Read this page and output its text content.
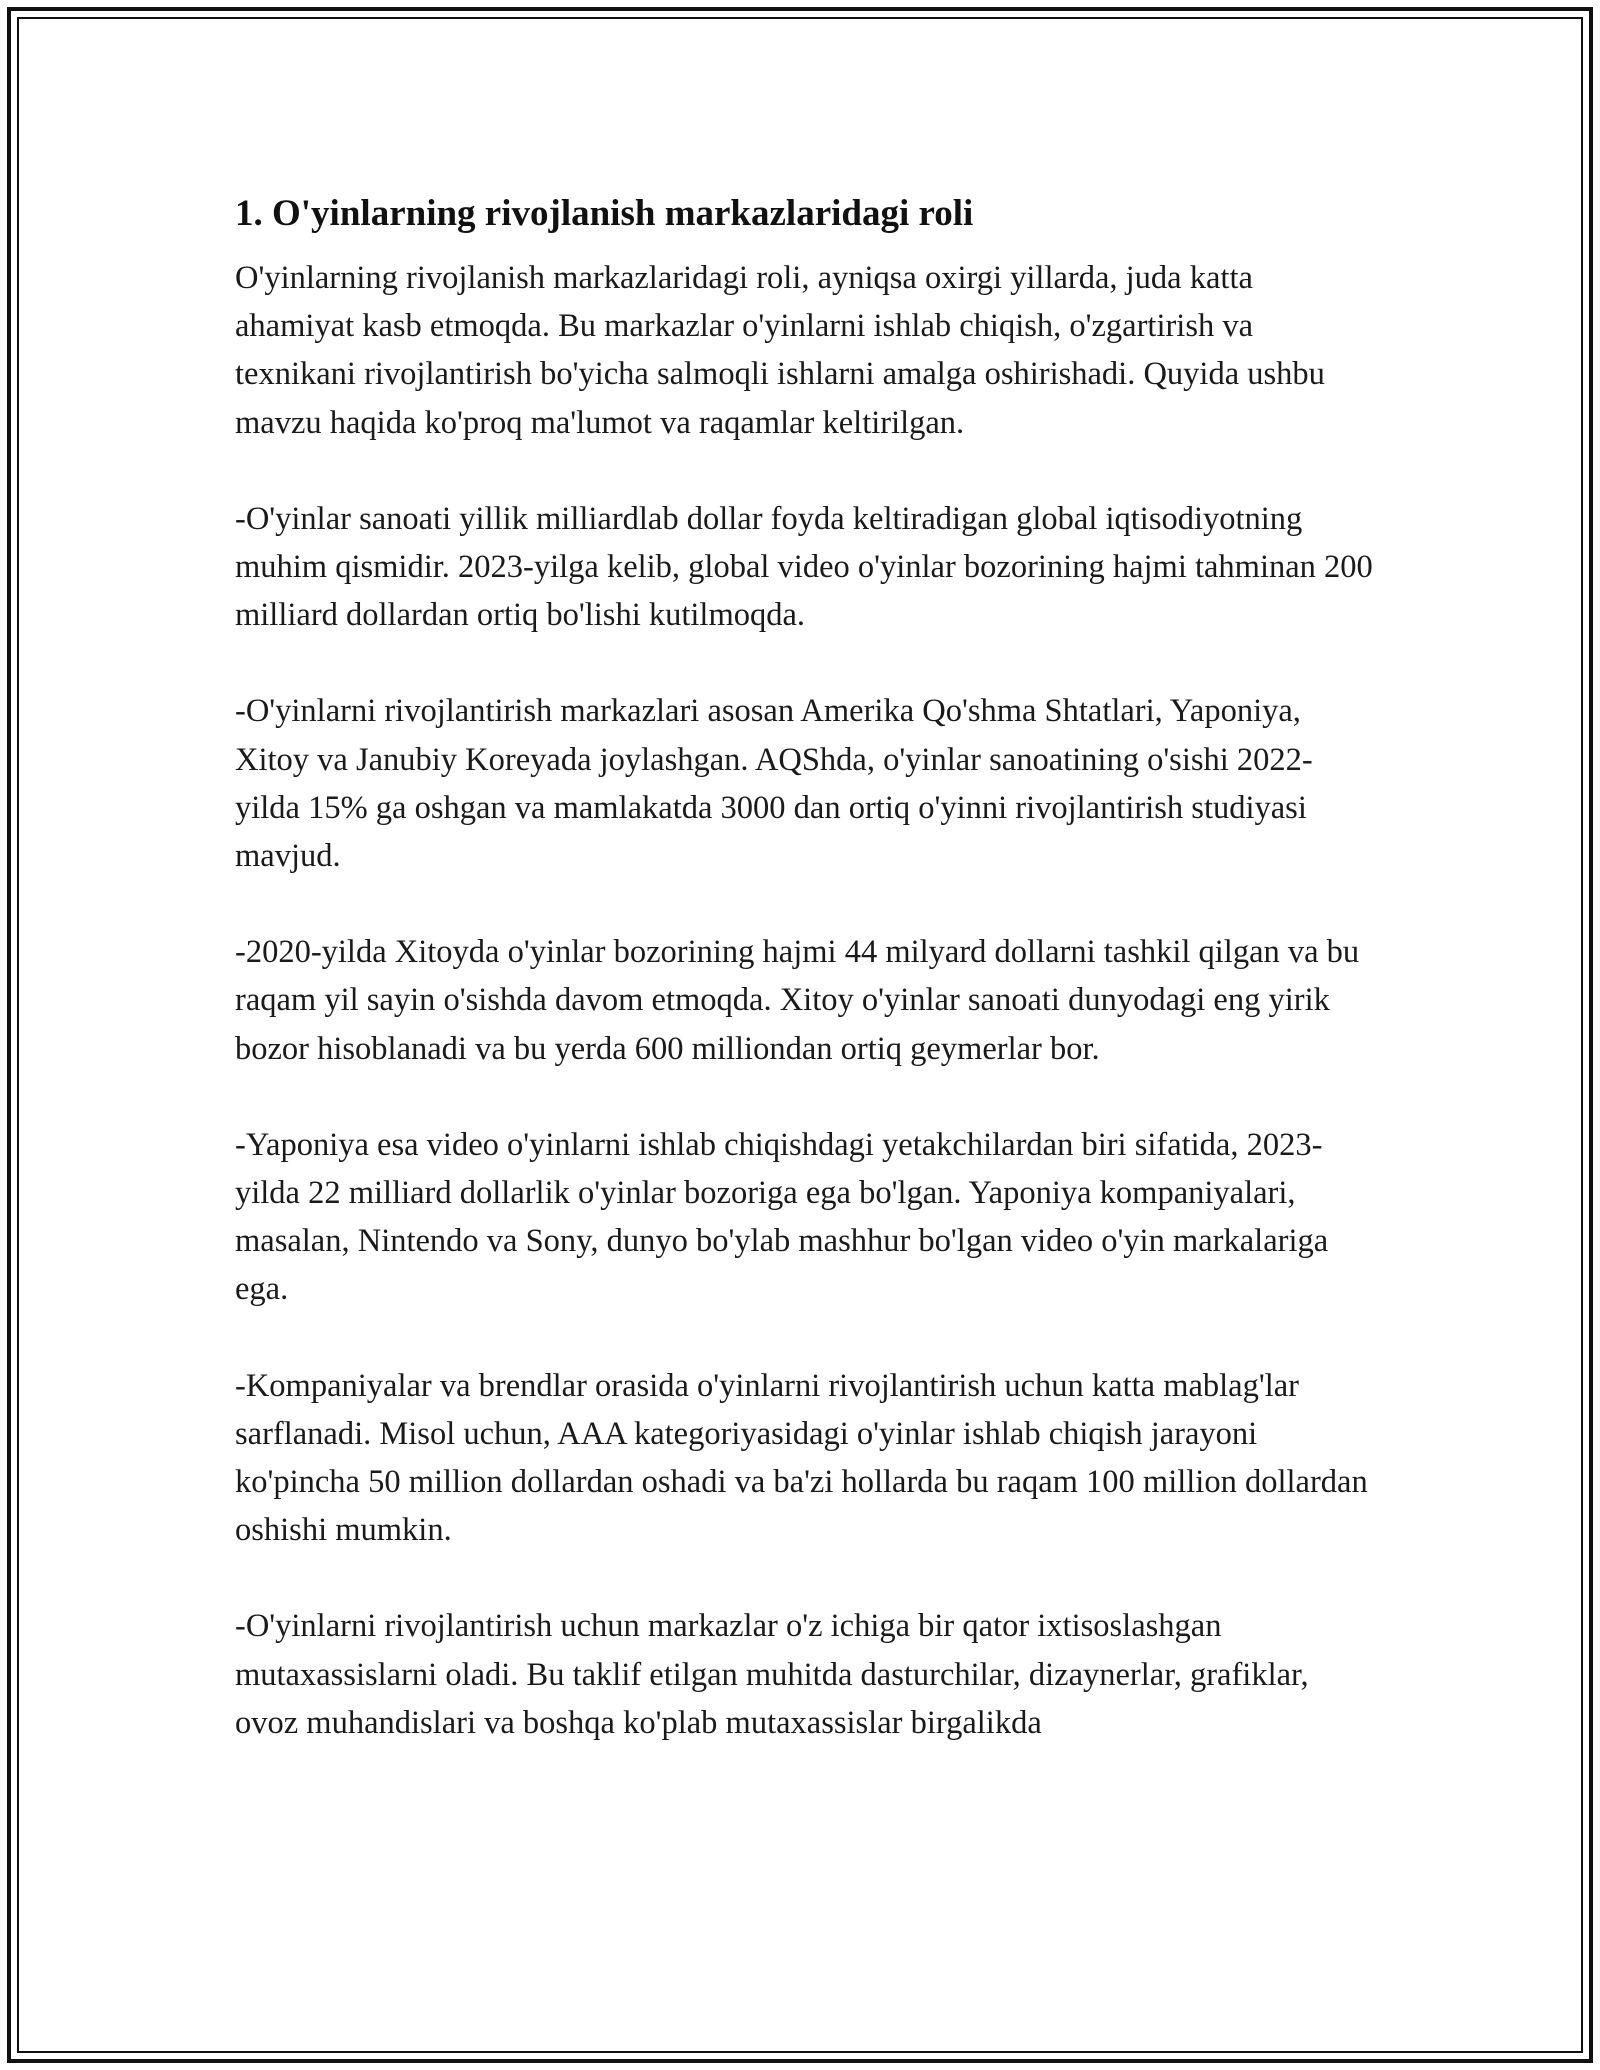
1. O'yinlarning rivojlanish markazlaridagi roli

O'yinlarning rivojlanish markazlaridagi roli, ayniqsa oxirgi yillarda, juda katta ahamiyat kasb etmoqda. Bu markazlar o'yinlarni ishlab chiqish, o'zgartirish va texnikani rivojlantirish bo'yicha salmoqli ishlarni amalga oshirishadi. Quyida ushbu mavzu haqida ko'proq ma'lumot va raqamlar keltirilgan.

-O'yinlar sanoati yillik milliardlab dollar foyda keltiradigan global iqtisodiyotning muhim qismidir. 2023-yilga kelib, global video o'yinlar bozorining hajmi tahminan 200 milliard dollardan ortiq bo'lishi kutilmoqda.

-O'yinlarni rivojlantirish markazlari asosan Amerika Qo'shma Shtatlari, Yaponiya, Xitoy va Janubiy Koreyada joylashgan. AQShda, o'yinlar sanoatining o'sishi 2022-yilda 15% ga oshgan va mamlakatda 3000 dan ortiq o'yinni rivojlantirish studiyasi mavjud.

-2020-yilda Xitoyda o'yinlar bozorining hajmi 44 milyard dollarni tashkil qilgan va bu raqam yil sayin o'sishda davom etmoqda. Xitoy o'yinlar sanoati dunyodagi eng yirik bozor hisoblanadi va bu yerda 600 milliondan ortiq geymerlar bor.

-Yaponiya esa video o'yinlarni ishlab chiqishdagi yetakchilardan biri sifatida, 2023-yilda 22 milliard dollarlik o'yinlar bozoriga ega bo'lgan. Yaponiya kompaniyalari, masalan, Nintendo va Sony, dunyo bo'ylab mashhur bo'lgan video o'yin markalariga ega.

-Kompaniyalar va brendlar orasida o'yinlarni rivojlantirish uchun katta mablag'lar sarflanadi. Misol uchun, AAA kategoriyasidagi o'yinlar ishlab chiqish jarayoni ko'pincha 50 million dollardan oshadi va ba'zi hollarda bu raqam 100 million dollardan oshishi mumkin.

-O'yinlarni rivojlantirish uchun markazlar o'z ichiga bir qator ixtisoslashgan mutaxassislarni oladi. Bu taklif etilgan muhitda dasturchilar, dizaynerlar, grafiklar, ovoz muhandislari va boshqa ko'plab mutaxassislar birgalikda
